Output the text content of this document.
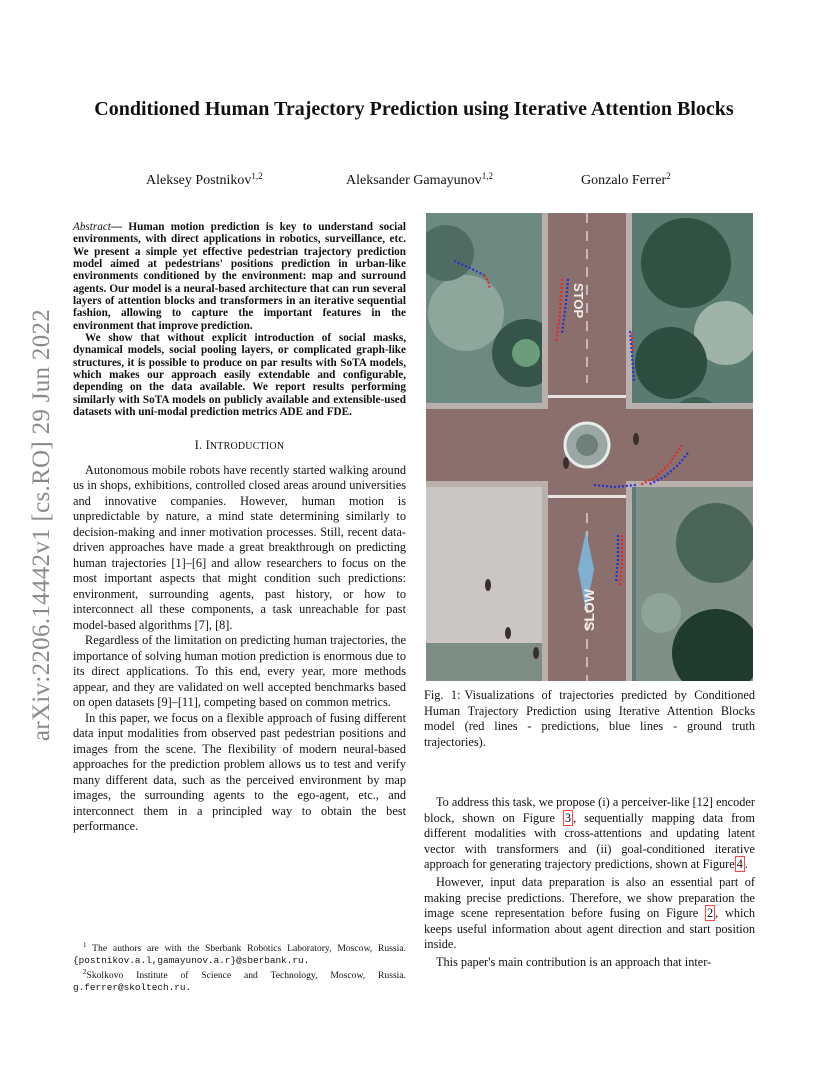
arXiv:2206.14442v1 [cs.RO] 29 Jun 2022
Conditioned Human Trajectory Prediction using Iterative Attention Blocks
Aleksey Postnikov$^{1,2}$	Aleksander Gamayunov$^{1,2}$	Gonzalo Ferrer$^2$

Abstract— Human motion prediction is key to understand social environments, with direct applications in robotics, surveillance, etc. We present a simple yet effective pedestrian trajectory prediction model aimed at pedestrians' positions prediction in urban-like environments conditioned by the environment: map and surround agents. Our model is a neural-based architecture that can run several layers of attention blocks and transformers in an iterative sequential fashion, allowing to capture the important features in the environment that improve prediction.

We show that without explicit introduction of social masks, dynamical models, social pooling layers, or complicated graph-like structures, it is possible to produce on par results with SoTA models, which makes our approach easily extendable and configurable, depending on the data available. We report results performing similarly with SoTA models on publicly available and extensible-used datasets with uni-modal prediction metrics ADE and FDE.

I. INTRODUCTION

Autonomous mobile robots have recently started walking around us in shops, exhibitions, controlled closed areas around universities and innovative companies. However, human motion is unpredictable by nature, a mind state determining similarly to decision-making and inner motivation processes. Still, recent data-driven approaches have made a great breakthrough on predicting human trajectories [1]–[6] and allow researchers to focus on the most important aspects that might condition such predictions: environment, surrounding agents, past history, or how to interconnect all these components, a task unreachable for past model-based algorithms [7], [8].

Regardless of the limitation on predicting human trajectories, the importance of solving human motion prediction is enormous due to its direct applications. To this end, every year, more methods appear, and they are validated on well accepted benchmarks based on open datasets [9]–[11], competing based on common metrics.

In this paper, we focus on a flexible approach of fusing different data input modalities from observed past pedestrian positions and images from the scene. The flexibility of modern neural-based approaches for the prediction problem allows us to test and verify many different data, such as the perceived environment by map images, the surrounding agents to the ego-agent, etc., and interconnect them in a principled way to obtain the best performance.

$^1$ The authors are with the Sberbank Robotics Laboratory, Moscow, Russia. {postnikov.a.l,gamayunov.a.r}@sberbank.ru.

$^2$Skolkovo Institute of Science and Technology, Moscow, Russia. g.ferrer@skoltech.ru.

STOP
SLOW
Fig. 1: Visualizations of trajectories predicted by Conditioned Human Trajectory Prediction using Iterative Attention Blocks model (red lines - predictions, blue lines - ground truth trajectories).

To address this task, we propose (i) a perceiver-like [12] encoder block, shown on Figure 3 , sequentially mapping data from different modalities with cross-attentions and updating latent vector with transformers and (ii) goal-conditioned iterative approach for generating trajectory predictions, shown at Figure 4 .

However, input data preparation is also an essential part of making precise predictions. Therefore, we show preparation the image scene representation before fusing on Figure 2 , which keeps useful information about agent direction and start position inside.

This paper's main contribution is an approach that inter-
